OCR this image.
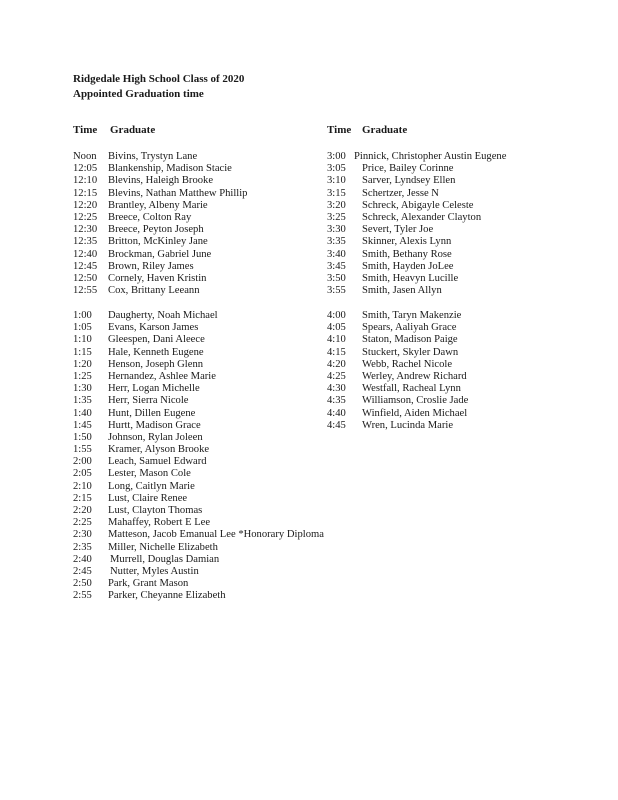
Ridgedale High School Class of 2020
Appointed Graduation time
Time Graduate	Time Graduate
Noon Bivins, Trystyn Lane
12:05 Blankenship, Madison Stacie
12:10 Blevins, Haleigh Brooke
12:15 Blevins, Nathan Matthew Phillip
12:20 Brantley, Albeny Marie
12:25 Breece, Colton Ray
12:30 Breece, Peyton Joseph
12:35 Britton, McKinley Jane
12:40 Brockman, Gabriel June
12:45 Brown, Riley James
12:50 Cornely, Haven Kristin
12:55 Cox, Brittany Leeann
1:00 Daugherty, Noah Michael
1:05 Evans, Karson James
1:10 Gleespen, Dani Aleece
1:15 Hale, Kenneth Eugene
1:20 Henson, Joseph Glenn
1:25 Hernandez, Ashlee Marie
1:30 Herr, Logan Michelle
1:35 Herr, Sierra Nicole
1:40 Hunt, Dillen Eugene
1:45 Hurtt, Madison Grace
1:50 Johnson, Rylan Joleen
1:55 Kramer, Alyson Brooke
2:00 Leach, Samuel Edward
2:05 Lester, Mason Cole
2:10 Long, Caitlyn Marie
2:15 Lust, Claire Renee
2:20 Lust, Clayton Thomas
2:25 Mahaffey, Robert E Lee
2:30 Matteson, Jacob Emanual Lee *Honorary Diploma
2:35 Miller, Nichelle Elizabeth
2:40 Murrell, Douglas Damian
2:45 Nutter, Myles Austin
2:50 Park, Grant Mason
2:55 Parker, Cheyanne Elizabeth
3:00 Pinnick, Christopher Austin Eugene
3:05 Price, Bailey Corinne
3:10 Sarver, Lyndsey Ellen
3:15 Schertzer, Jesse N
3:20 Schreck, Abigayle Celeste
3:25 Schreck, Alexander Clayton
3:30 Severt, Tyler Joe
3:35 Skinner, Alexis Lynn
3:40 Smith, Bethany Rose
3:45 Smith, Hayden JoLee
3:50 Smith, Heavyn Lucille
3:55 Smith, Jasen Allyn
4:00 Smith, Taryn Makenzie
4:05 Spears, Aaliyah Grace
4:10 Staton, Madison Paige
4:15 Stuckert, Skyler Dawn
4:20 Webb, Rachel Nicole
4:25 Werley, Andrew Richard
4:30 Westfall, Racheal Lynn
4:35 Williamson, Croslie Jade
4:40 Winfield, Aiden Michael
4:45 Wren, Lucinda Marie
